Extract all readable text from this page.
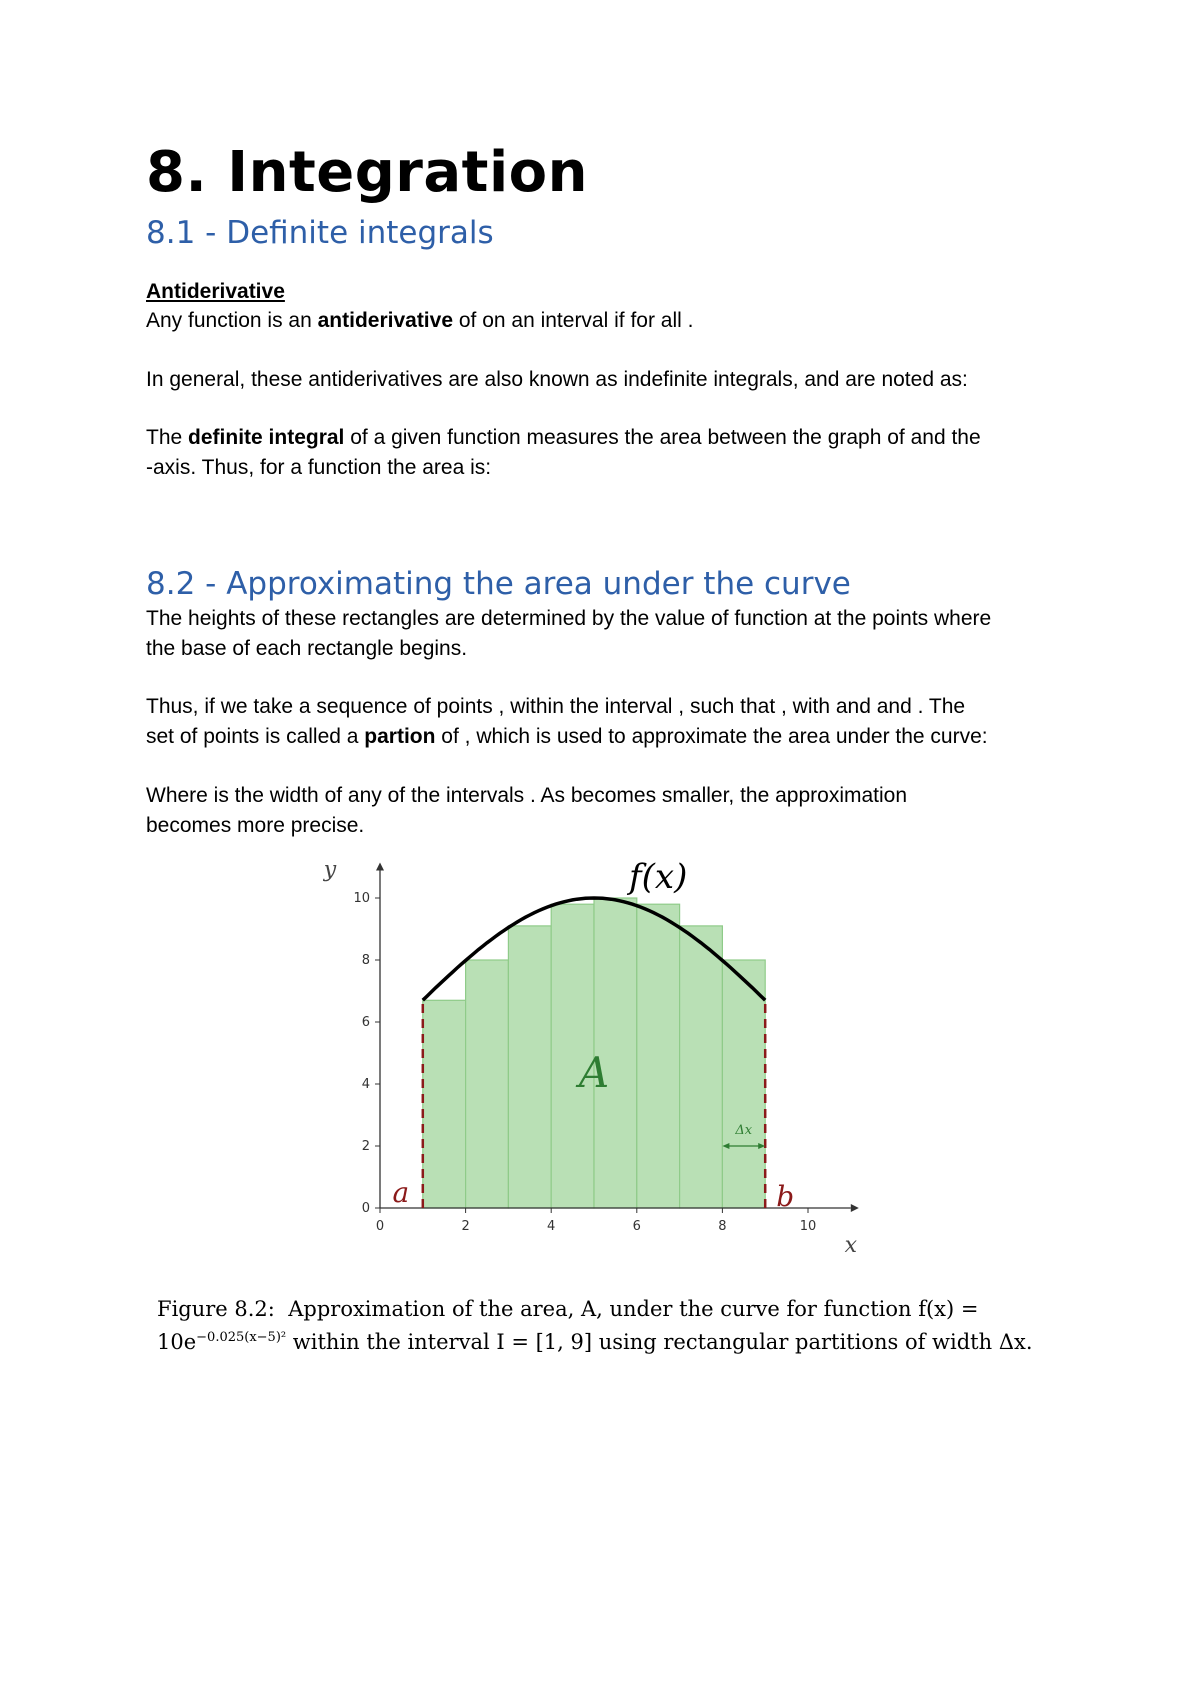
8. Integration
8.1 - Definite integrals
Antiderivative
Any function is an antiderivative of on an interval if for all .
In general, these antiderivatives are also known as indefinite integrals, and are noted as:
The definite integral of a given function measures the area between the graph of and the
-axis. Thus, for a function the area is:
8.2 - Approximating the area under the curve
The heights of these rectangles are determined by the value of function at the points where
the base of each rectangle begins.
Thus, if we take a sequence of points , within the interval , such that , with and and . The
set of points is called a partion of , which is used to approximate the area under the curve:
Where is the width of any of the intervals . As becomes smaller, the approximation
becomes more precise.
0	2	4	6	8	10
0
2
4
6
8
10
Δx
A
a	b
f(x)
y
x
Figure 8.2: Approximation of the area, A, under the curve for function f(x) =
$10e^{-0.025(x-5)^2}$ within the interval I = [1, 9] using rectangular partitions of width Δx.
